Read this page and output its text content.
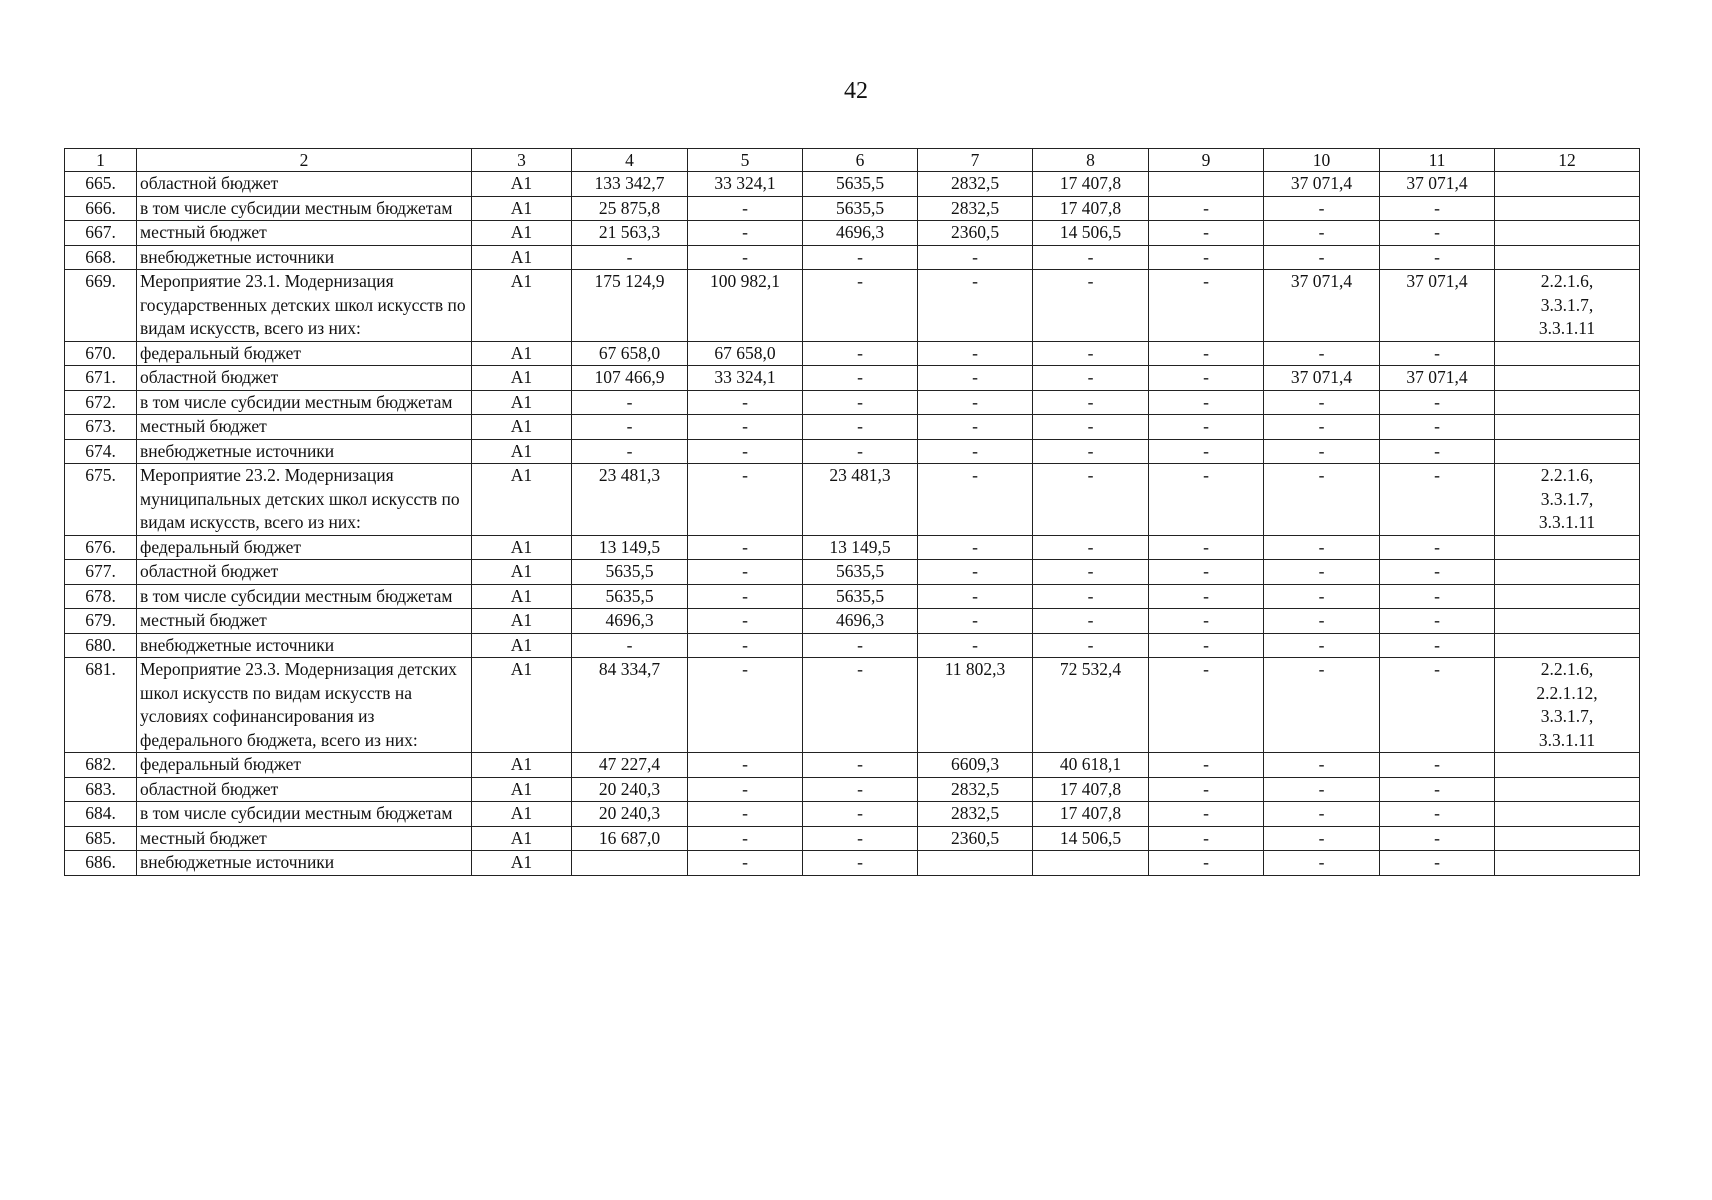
42
1	2	3	4	5	6	7	8	9	10	11	12
665.	областной бюджет	А1	133 342,7	33 324,1	5635,5	2832,5	17 407,8		37 071,4	37 071,4	
666.	в том числе субсидии местным бюджетам	А1	25 875,8	-	5635,5	2832,5	17 407,8	-	-	-	
667.	местный бюджет	А1	21 563,3	-	4696,3	2360,5	14 506,5	-	-	-	
668.	внебюджетные источники	А1	-	-	-	-	-	-	-	-	
669.	Мероприятие 23.1. Модернизация государственных детских школ искусств по видам искусств, всего из них:	А1	175 124,9	100 982,1	-	-	-	-	37 071,4	37 071,4	2.2.1.6,
3.3.1.7,
3.3.1.11
670.	федеральный бюджет	А1	67 658,0	67 658,0	-	-	-	-	-	-	
671.	областной бюджет	А1	107 466,9	33 324,1	-	-	-	-	37 071,4	37 071,4	
672.	в том числе субсидии местным бюджетам	А1	-	-	-	-	-	-	-	-	
673.	местный бюджет	А1	-	-	-	-	-	-	-	-	
674.	внебюджетные источники	А1	-	-	-	-	-	-	-	-	
675.	Мероприятие 23.2. Модернизация муниципальных детских школ искусств по видам искусств, всего из них:	А1	23 481,3	-	23 481,3	-	-	-	-	-	2.2.1.6,
3.3.1.7,
3.3.1.11
676.	федеральный бюджет	А1	13 149,5	-	13 149,5	-	-	-	-	-	
677.	областной бюджет	А1	5635,5	-	5635,5	-	-	-	-	-	
678.	в том числе субсидии местным бюджетам	А1	5635,5	-	5635,5	-	-	-	-	-	
679.	местный бюджет	А1	4696,3	-	4696,3	-	-	-	-	-	
680.	внебюджетные источники	А1	-	-	-	-	-	-	-	-	
681.	Мероприятие 23.3. Модернизация детских школ искусств по видам искусств на условиях софинансирования из федерального бюджета, всего из них:	А1	84 334,7	-	-	11 802,3	72 532,4	-	-	-	2.2.1.6,
2.2.1.12,
3.3.1.7,
3.3.1.11
682.	федеральный бюджет	А1	47 227,4	-	-	6609,3	40 618,1	-	-	-	
683.	областной бюджет	А1	20 240,3	-	-	2832,5	17 407,8	-	-	-	
684.	в том числе субсидии местным бюджетам	А1	20 240,3	-	-	2832,5	17 407,8	-	-	-	
685.	местный бюджет	А1	16 687,0	-	-	2360,5	14 506,5	-	-	-	
686.	внебюджетные источники	А1		-	-			-	-	-	
